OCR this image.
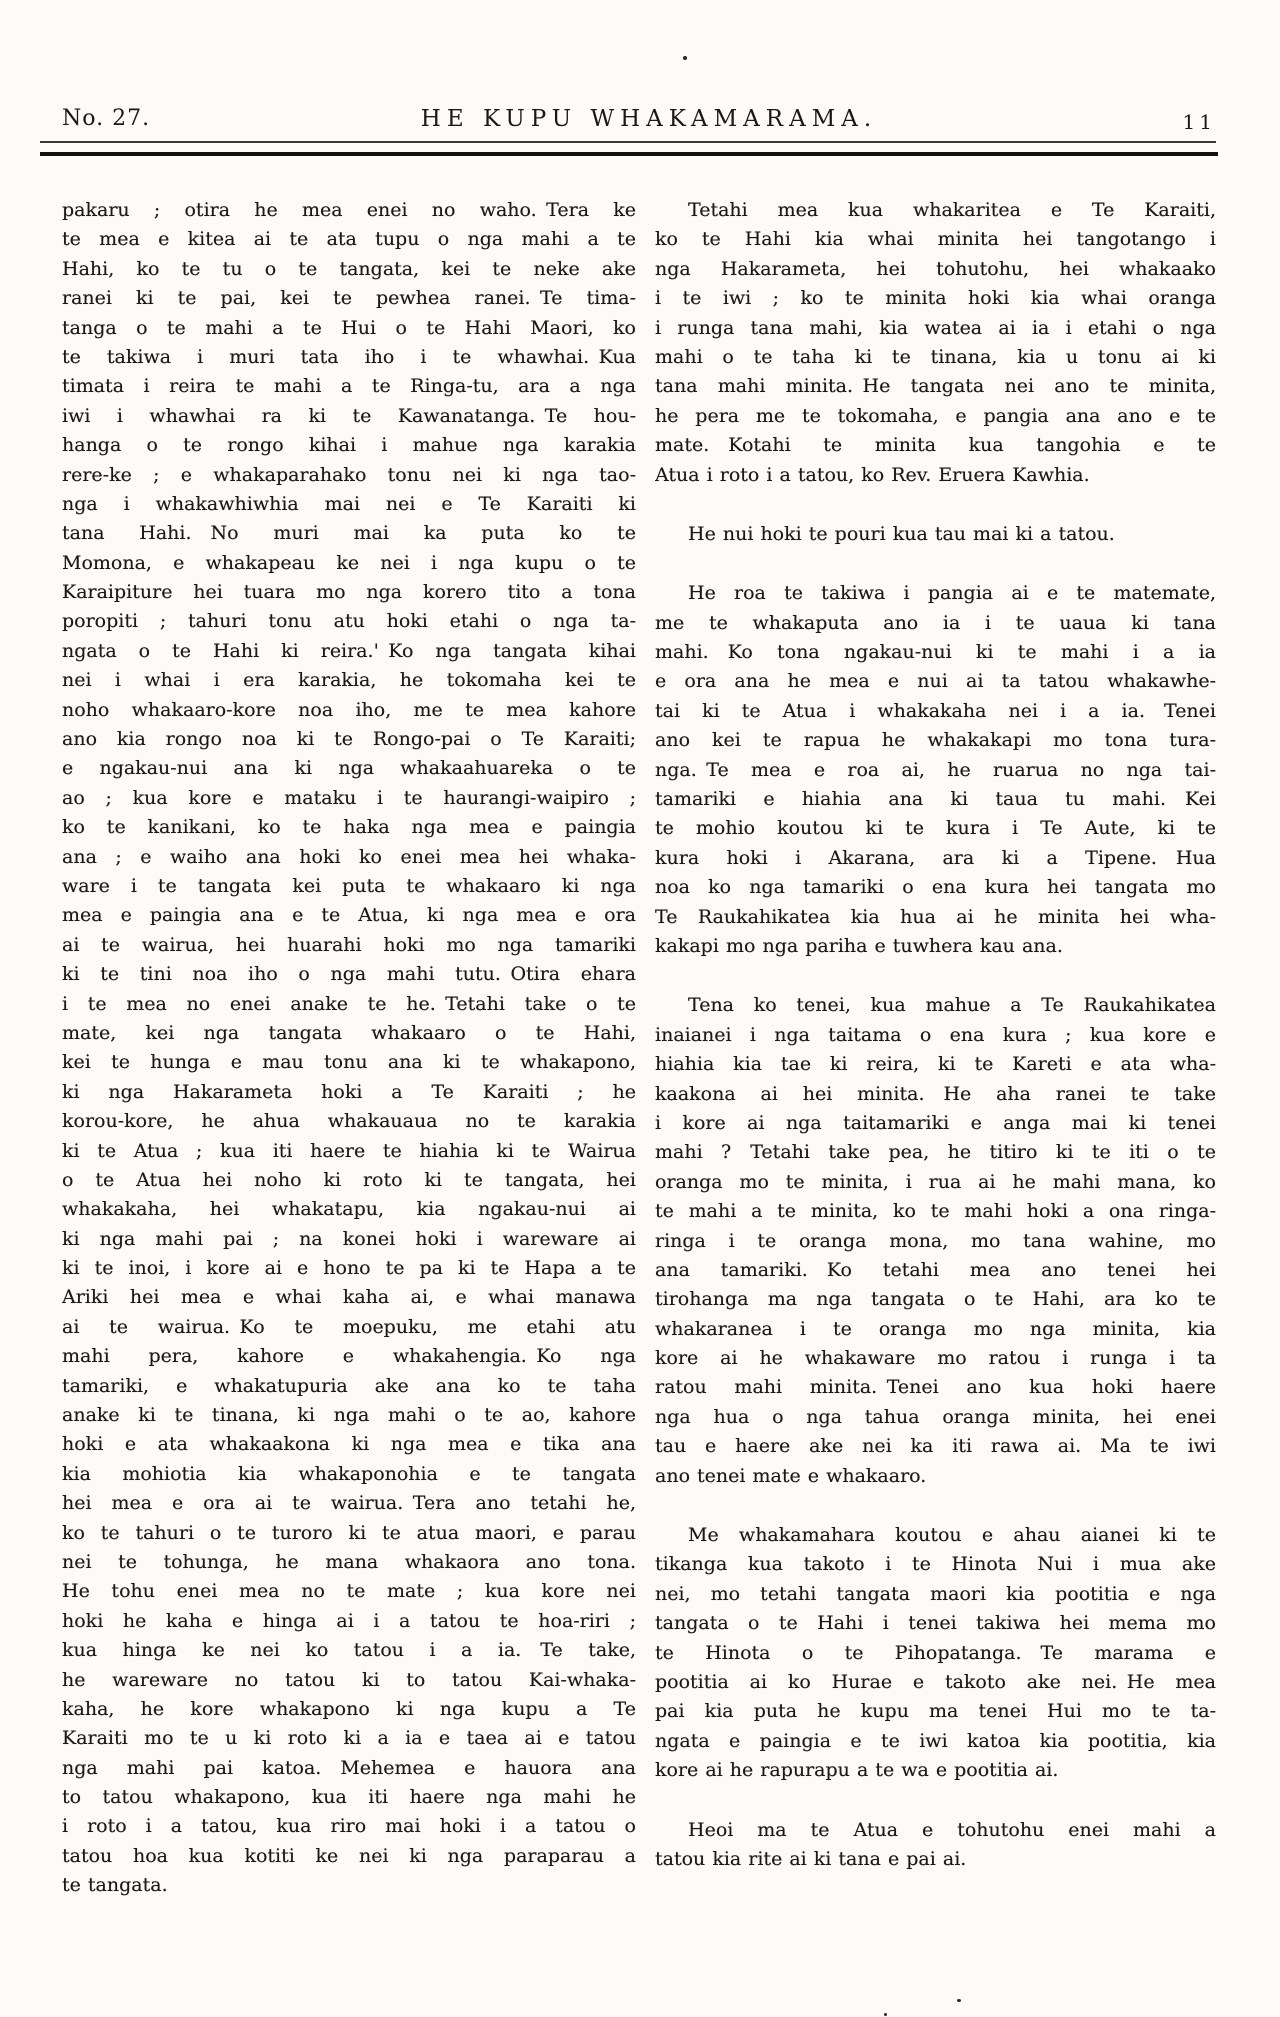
No. 27.	HE KUPU WHAKAMARAMA.	11
pakaru ; otira he mea enei no waho. Tera ke
te mea e kitea ai te ata tupu o nga mahi a te
Hahi, ko te tu o te tangata, kei te neke ake
ranei ki te pai, kei te pewhea ranei. Te tima-
tanga o te mahi a te Hui o te Hahi Maori, ko
te takiwa i muri tata iho i te whawhai. Kua
timata i reira te mahi a te Ringa-tu, ara a nga
iwi i whawhai ra ki te Kawanatanga. Te hou-
hanga o te rongo kihai i mahue nga karakia
rere-ke ; e whakaparahako tonu nei ki nga tao-
nga i whakawhiwhia mai nei e Te Karaiti ki
tana Hahi. No muri mai ka puta ko te
Momona, e whakapeau ke nei i nga kupu o te
Karaipiture hei tuara mo nga korero tito a tona
poropiti ; tahuri tonu atu hoki etahi o nga ta-
ngata o te Hahi ki reira.' Ko nga tangata kihai
nei i whai i era karakia, he tokomaha kei te
noho whakaaro-kore noa iho, me te mea kahore
ano kia rongo noa ki te Rongo-pai o Te Karaiti;
e ngakau-nui ana ki nga whakaahuareka o te
ao ; kua kore e mataku i te haurangi-waipiro ;
ko te kanikani, ko te haka nga mea e paingia
ana ; e waiho ana hoki ko enei mea hei whaka-
ware i te tangata kei puta te whakaaro ki nga
mea e paingia ana e te Atua, ki nga mea e ora
ai te wairua, hei huarahi hoki mo nga tamariki
ki te tini noa iho o nga mahi tutu. Otira ehara
i te mea no enei anake te he. Tetahi take o te
mate, kei nga tangata whakaaro o te Hahi,
kei te hunga e mau tonu ana ki te whakapono,
ki nga Hakarameta hoki a Te Karaiti ; he
korou-kore, he ahua whakauaua no te karakia
ki te Atua ; kua iti haere te hiahia ki te Wairua
o te Atua hei noho ki roto ki te tangata, hei
whakakaha, hei whakatapu, kia ngakau-nui ai
ki nga mahi pai ; na konei hoki i wareware ai
ki te inoi, i kore ai e hono te pa ki te Hapa a te
Ariki hei mea e whai kaha ai, e whai manawa
ai te wairua. Ko te moepuku, me etahi atu
mahi pera, kahore e whakahengia. Ko nga
tamariki, e whakatupuria ake ana ko te taha
anake ki te tinana, ki nga mahi o te ao, kahore
hoki e ata whakaakona ki nga mea e tika ana
kia mohiotia kia whakaponohia e te tangata
hei mea e ora ai te wairua. Tera ano tetahi he,
ko te tahuri o te turoro ki te atua maori, e parau
nei te tohunga, he mana whakaora ano tona.
He tohu enei mea no te mate ; kua kore nei
hoki he kaha e hinga ai i a tatou te hoa-riri ;
kua hinga ke nei ko tatou i a ia. Te take,
he wareware no tatou ki to tatou Kai-whaka-
kaha, he kore whakapono ki nga kupu a Te
Karaiti mo te u ki roto ki a ia e taea ai e tatou
nga mahi pai katoa. Mehemea e hauora ana
to tatou whakapono, kua iti haere nga mahi he
i roto i a tatou, kua riro mai hoki i a tatou o
tatou hoa kua kotiti ke nei ki nga paraparau a
te tangata.
Tetahi mea kua whakaritea e Te Karaiti,
ko te Hahi kia whai minita hei tangotango i
nga Hakarameta, hei tohutohu, hei whakaako
i te iwi ; ko te minita hoki kia whai oranga
i runga tana mahi, kia watea ai ia i etahi o nga
mahi o te taha ki te tinana, kia u tonu ai ki
tana mahi minita. He tangata nei ano te minita,
he pera me te tokomaha, e pangia ana ano e te
mate. Kotahi te minita kua tangohia e te
Atua i roto i a tatou, ko Rev. Eruera Kawhia.
He nui hoki te pouri kua tau mai ki a tatou.
He roa te takiwa i pangia ai e te matemate,
me te whakaputa ano ia i te uaua ki tana
mahi. Ko tona ngakau-nui ki te mahi i a ia
e ora ana he mea e nui ai ta tatou whakawhe-
tai ki te Atua i whakakaha nei i a ia. Tenei
ano kei te rapua he whakakapi mo tona tura-
nga. Te mea e roa ai, he ruarua no nga tai-
tamariki e hiahia ana ki taua tu mahi. Kei
te mohio koutou ki te kura i Te Aute, ki te
kura hoki i Akarana, ara ki a Tipene. Hua
noa ko nga tamariki o ena kura hei tangata mo
Te Raukahikatea kia hua ai he minita hei wha-
kakapi mo nga pariha e tuwhera kau ana.
Tena ko tenei, kua mahue a Te Raukahikatea
inaianei i nga taitama o ena kura ; kua kore e
hiahia kia tae ki reira, ki te Kareti e ata wha-
kaakona ai hei minita. He aha ranei te take
i kore ai nga taitamariki e anga mai ki tenei
mahi ? Tetahi take pea, he titiro ki te iti o te
oranga mo te minita, i rua ai he mahi mana, ko
te mahi a te minita, ko te mahi hoki a ona ringa-
ringa i te oranga mona, mo tana wahine, mo
ana tamariki. Ko tetahi mea ano tenei hei
tirohanga ma nga tangata o te Hahi, ara ko te
whakaranea i te oranga mo nga minita, kia
kore ai he whakaware mo ratou i runga i ta
ratou mahi minita. Tenei ano kua hoki haere
nga hua o nga tahua oranga minita, hei enei
tau e haere ake nei ka iti rawa ai. Ma te iwi
ano tenei mate e whakaaro.
Me whakamahara koutou e ahau aianei ki te
tikanga kua takoto i te Hinota Nui i mua ake
nei, mo tetahi tangata maori kia pootitia e nga
tangata o te Hahi i tenei takiwa hei mema mo
te Hinota o te Pihopatanga. Te marama e
pootitia ai ko Hurae e takoto ake nei. He mea
pai kia puta he kupu ma tenei Hui mo te ta-
ngata e paingia e te iwi katoa kia pootitia, kia
kore ai he rapurapu a te wa e pootitia ai.
Heoi ma te Atua e tohutohu enei mahi a
tatou kia rite ai ki tana e pai ai.
